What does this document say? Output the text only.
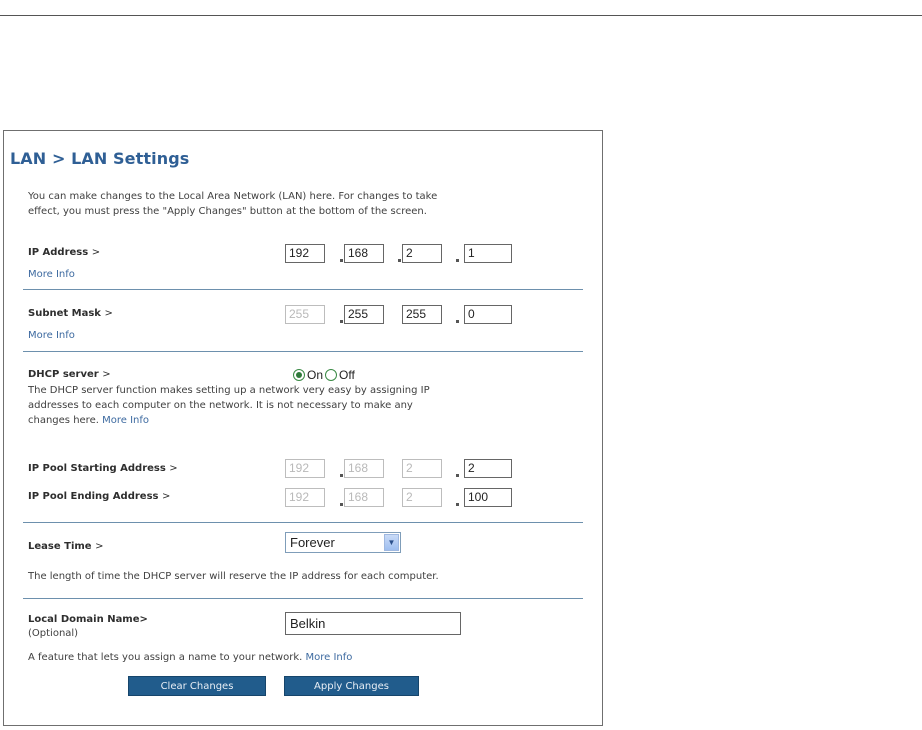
LAN > LAN Settings
You can make changes to the Local Area Network (LAN) here. For changes to take
effect, you must press the "Apply Changes" button at the bottom of the screen.
IP Address >
More Info
192	168	2	1
Subnet Mask >
More Info
255	255	255	0
DHCP server >	On Off
The DHCP server function makes setting up a network very easy by assigning IP
addresses to each computer on the network. It is not necessary to make any
changes here. More Info
IP Pool Starting Address >	192	168	2	2
IP Pool Ending Address >	192	168	2	100
Lease Time >	Forever	▼
The length of time the DHCP server will reserve the IP address for each computer.
Local Domain Name>
(Optional)
Belkin
A feature that lets you assign a name to your network. More Info
Clear Changes	Apply Changes
